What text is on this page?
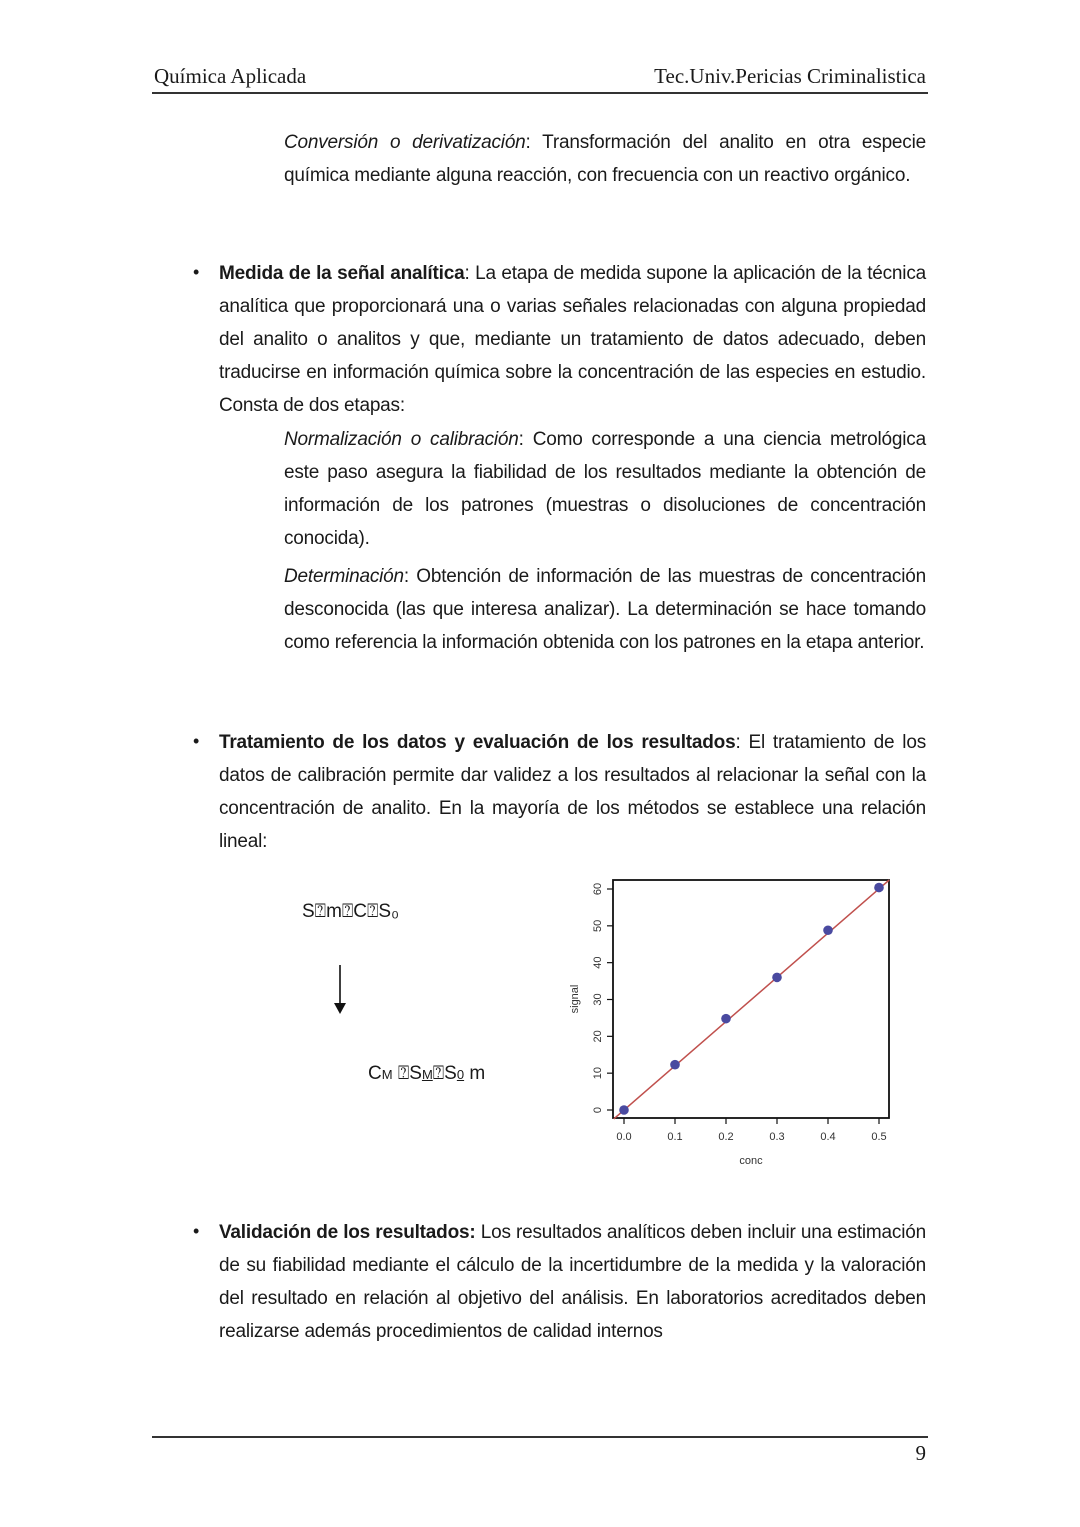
Química Aplicada	Tec.Univ.Pericias Criminalistica
Conversión o derivatización: Transformación del analito en otra especie química mediante alguna reacción, con frecuencia con un reactivo orgánico.
• Medida de la señal analítica: La etapa de medida supone la aplicación de la técnica analítica que proporcionará una o varias señales relacionadas con alguna propiedad del analito o analitos y que, mediante un tratamiento de datos adecuado, deben traducirse en información química sobre la concentración de las especies en estudio. Consta de dos etapas:
Normalización o calibración: Como corresponde a una ciencia metrológica este paso asegura la fiabilidad de los resultados mediante la obtención de información de los patrones (muestras o disoluciones de concentración conocida).
Determinación: Obtención de información de las muestras de concentración desconocida (las que interesa analizar). La determinación se hace tomando como referencia la información obtenida con los patrones en la etapa anterior.
• Tratamiento de los datos y evaluación de los resultados: El tratamiento de los datos de calibración permite dar validez a los resultados al relacionar la señal con la concentración de analito. En la mayoría de los métodos se establece una relación lineal:
S⍰m⍰C⍰S₀
CM ⍰SM⍰S0 m
0.0	0.1	0.2	0.3	0.4	0.5
0
10
20
30
40
50
60
conc
signal
• Validación de los resultados: Los resultados analíticos deben incluir una estimación de su fiabilidad mediante el cálculo de la incertidumbre de la medida y la valoración del resultado en relación al objetivo del análisis. En laboratorios acreditados deben realizarse además procedimientos de calidad internos
9
